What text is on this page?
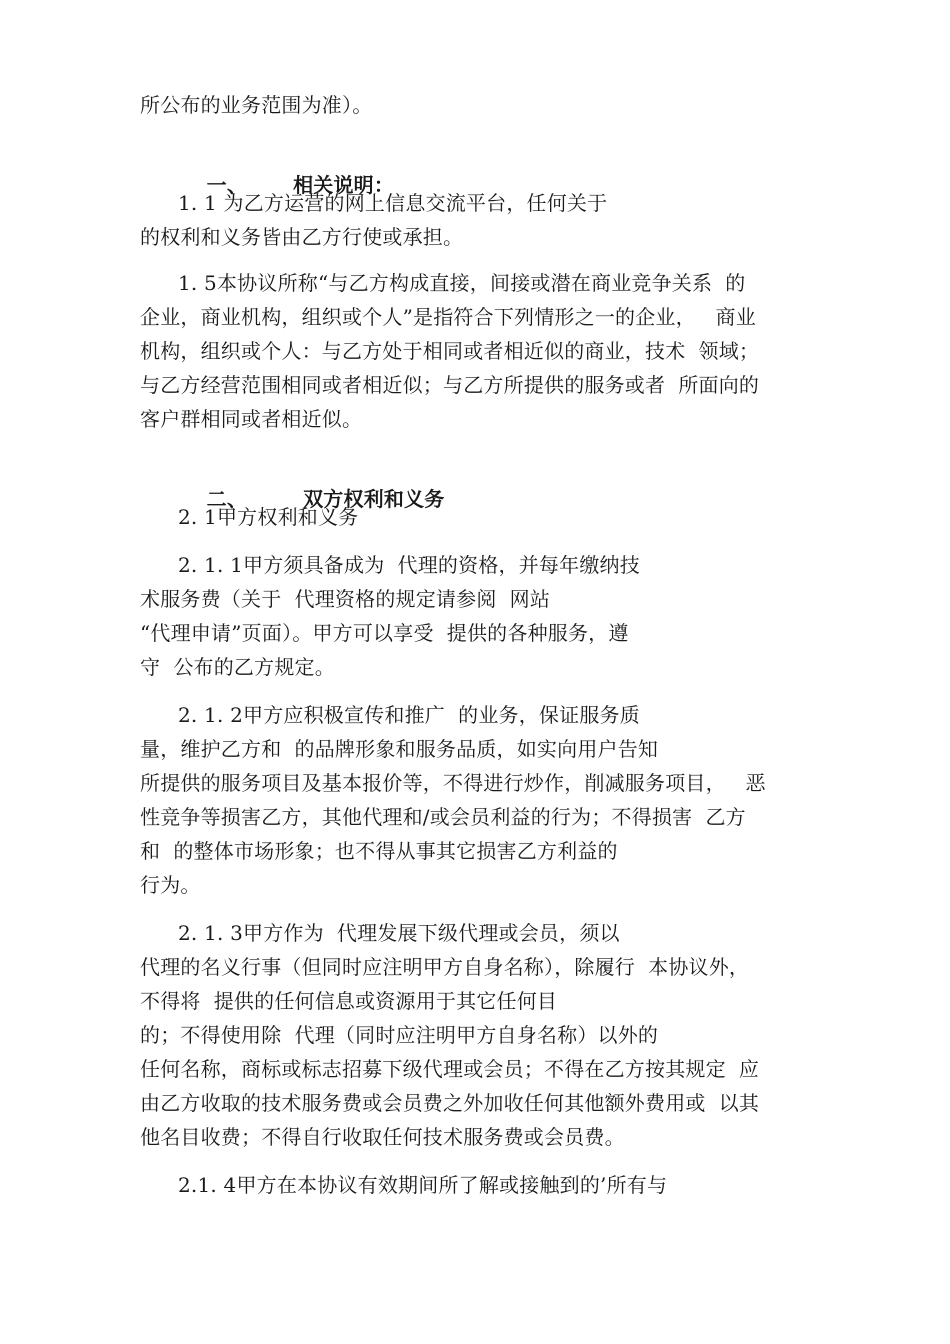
所公布的业务范围为准）。

一、 相关说明：

1. 1 为乙方运营的网上信息交流平台，任何关于
的权利和义务皆由乙方行使或承担。
1. 5本协议所称“与乙方构成直接，间接或潜在商业竞争关系  的
企业，商业机构，组织或个人”是指符合下列情形之一的企业，   商业
机构，组织或个人：与乙方处于相同或者相近似的商业，技术  领域；
与乙方经营范围相同或者相近似；与乙方所提供的服务或者  所面向的
客户群相同或者相近似。

二、	双方权利和义务

2. 1甲方权利和义务
2. 1. 1甲方须具备成为  代理的资格，并每年缴纳技
术服务费（关于  代理资格的规定请参阅  网站
“代理申请”页面）。甲方可以享受  提供的各种服务，遵
守  公布的乙方规定。
2. 1. 2甲方应积极宣传和推广  的业务，保证服务质
量，维护乙方和  的品牌形象和服务品质，如实向用户告知
所提供的服务项目及基本报价等，不得进行炒作，削减服务项目，   恶
性竞争等损害乙方，其他代理和/或会员利益的行为；不得损害  乙方
和  的整体市场形象；也不得从事其它损害乙方利益的
行为。
2. 1. 3甲方作为  代理发展下级代理或会员，须以
代理的名义行事（但同时应注明甲方自身名称），除履行  本协议外，
不得将  提供的任何信息或资源用于其它任何目
的；不得使用除  代理（同时应注明甲方自身名称）以外的
任何名称，商标或标志招募下级代理或会员；不得在乙方按其规定  应
由乙方收取的技术服务费或会员费之外加收任何其他额外费用或  以其
他名目收费；不得自行收取任何技术服务费或会员费。
2.1. 4甲方在本协议有效期间所了解或接触到的’所有与
